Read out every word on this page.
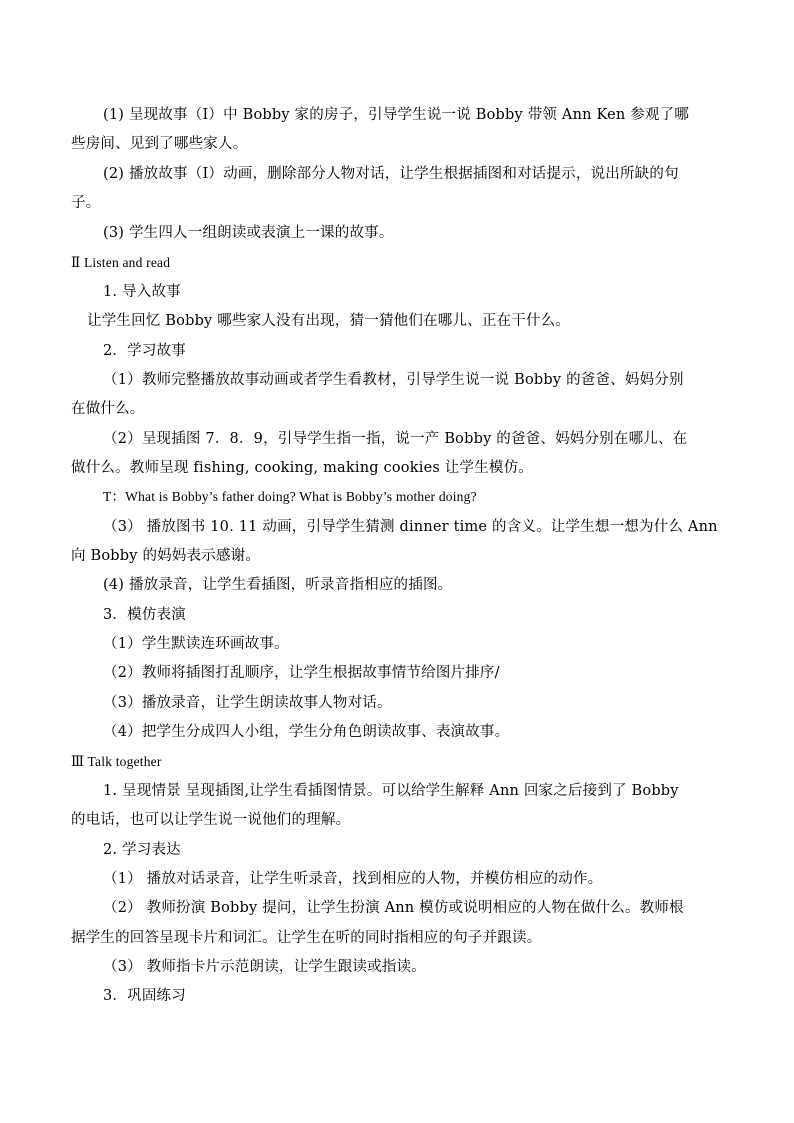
(1) 呈现故事（Ⅰ）中 Bobby 家的房子，引导学生说一说 Bobby 带领 Ann Ken 参观了哪
些房间、见到了哪些家人。
(2) 播放故事（I）动画，删除部分人物对话，让学生根据插图和对话提示，说出所缺的句
子。
(3) 学生四人一组朗读或表演上一课的故事。
Ⅱ Listen and read
1. 导入故事
让学生回忆 Bobby 哪些家人没有出现，猜一猜他们在哪儿、正在干什么。
2．学习故事
（1）教师完整播放故事动画或者学生看教材，引导学生说一说 Bobby 的爸爸、妈妈分别
在做什么。
（2）呈现插图 7．8．9，引导学生指一指，说一产 Bobby 的爸爸、妈妈分别在哪儿、在
做什么。教师呈现 fishing, cooking, making cookies 让学生模仿。
T：What is Bobby’s father doing? What is Bobby’s mother doing?
（3） 播放图书 10. 11 动画，引导学生猜测 dinner time 的含义。让学生想一想为什么 Ann
向 Bobby 的妈妈表示感谢。
(4) 播放录音，让学生看插图，听录音指相应的插图。
3．模仿表演
（1）学生默读连环画故事。
（2）教师将插图打乱顺序，让学生根据故事情节给图片排序/
（3）播放录音，让学生朗读故事人物对话。
（4）把学生分成四人小组，学生分角色朗读故事、表演故事。
Ⅲ Talk together
1. 呈现情景 呈现插图,让学生看插图情景。可以给学生解释 Ann 回家之后接到了 Bobby
的电话，也可以让学生说一说他们的理解。
2. 学习表达
（1） 播放对话录音，让学生听录音，找到相应的人物，并模仿相应的动作。
（2） 教师扮演 Bobby 提问，让学生扮演 Ann 模仿或说明相应的人物在做什么。教师根
据学生的回答呈现卡片和词汇。让学生在听的同时指相应的句子并跟读。
（3） 教师指卡片示范朗读，让学生跟读或指读。
3．巩固练习
